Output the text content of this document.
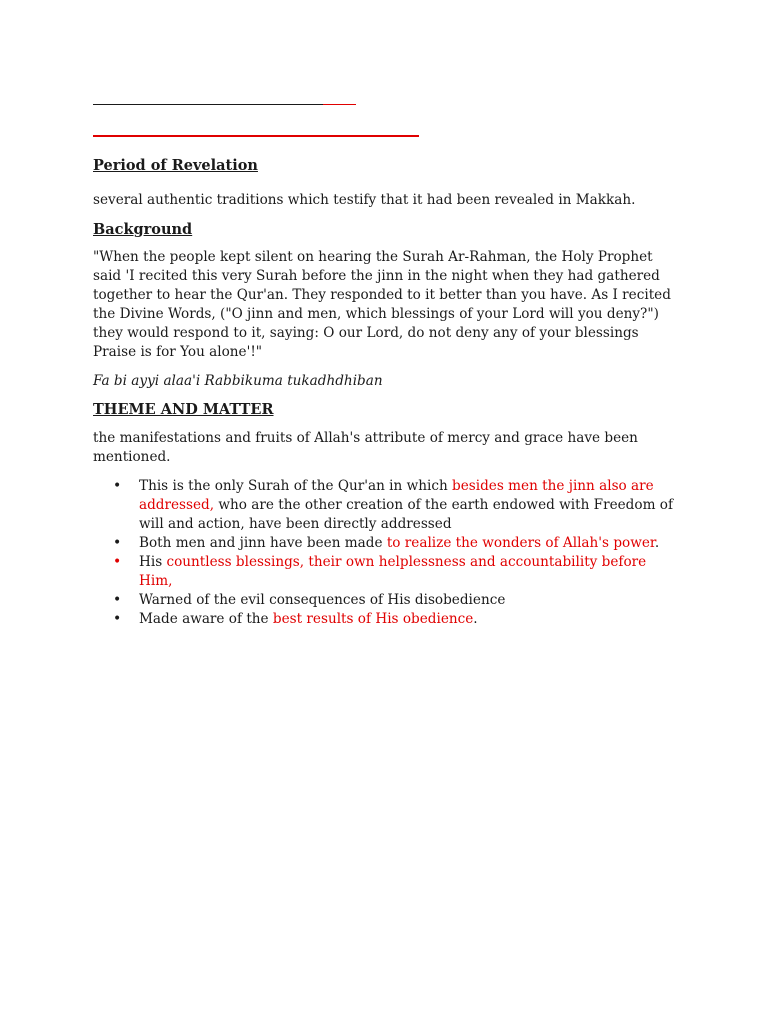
Period of Revelation

several authentic traditions which testify that it had been revealed in Makkah.

Background

"When the people kept silent on hearing the Surah Ar-Rahman, the Holy Prophet said 'I recited this very Surah before the jinn in the night when they had gathered together to hear the Qur'an. They responded to it better than you have. As I recited the Divine Words, ("O jinn and men, which blessings of your Lord will you deny?") they would respond to it, saying: O our Lord, do not deny any of your blessings Praise is for You alone'!"

Fa bi ayyi alaa'i Rabbikuma tukadhdhiban

THEME AND MATTER

the manifestations and fruits of Allah's attribute of mercy and grace have been mentioned.

• This is the only Surah of the Qur'an in which besides men the jinn also are addressed, who are the other creation of the earth endowed with Freedom of will and action, have been directly addressed
• Both men and jinn have been made to realize the wonders of Allah's power.
• His countless blessings, their own helplessness and accountability before Him,
• Warned of the evil consequences of His disobedience
• Made aware of the best results of His obedience.
